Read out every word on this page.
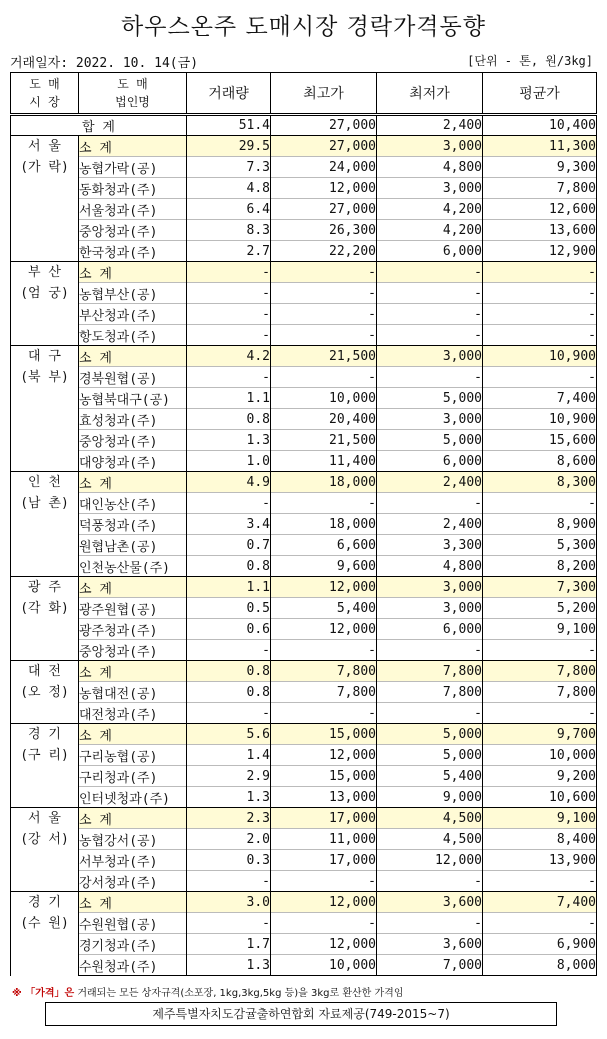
하우스온주 도매시장 경락가격동향
거래일자: 2022. 10. 14(금)	[단위 - 톤, 원/3kg]
도 매
시 장	도 매
법인명	거래량	최고가	최저가	평균가
합 계		51.4	27,000	2,400	10,400

서 울
(가 락)	소 계	29.5	27,000	3,000	11,300
	농협가락(공)	7.3	24,000	4,800	9,300
	동화청과(주)	4.8	12,000	3,000	7,800
	서울청과(주)	6.4	27,000	4,200	12,600
	중앙청과(주)	8.3	26,300	4,200	13,600
	한국청과(주)	2.7	22,200	6,000	12,900

부 산
(엄 궁)	소 계	-	-	-	-
	농협부산(공)	-	-	-	-
	부산청과(주)	-	-	-	-
	항도청과(주)	-	-	-	-

대 구
(북 부)	소 계	4.2	21,500	3,000	10,900
	경북원협(공)	-	-	-	-
	농협북대구(공)	1.1	10,000	5,000	7,400
	효성청과(주)	0.8	20,400	3,000	10,900
	중앙청과(주)	1.3	21,500	5,000	15,600
	대양청과(주)	1.0	11,400	6,000	8,600

인 천
(남 촌)	소 계	4.9	18,000	2,400	8,300
	대인농산(주)	-	-	-	-
	덕풍청과(주)	3.4	18,000	2,400	8,900
	원협남촌(공)	0.7	6,600	3,300	5,300
	인천농산물(주)	0.8	9,600	4,800	8,200

광 주
(각 화)	소 계	1.1	12,000	3,000	7,300
	광주원협(공)	0.5	5,400	3,000	5,200
	광주청과(주)	0.6	12,000	6,000	9,100
	중앙청과(주)	-	-	-	-

대 전
(오 정)	소 계	0.8	7,800	7,800	7,800
	농협대전(공)	0.8	7,800	7,800	7,800
	대전청과(주)	-	-	-	-

경 기
(구 리)	소 계	5.6	15,000	5,000	9,700
	구리농협(공)	1.4	12,000	5,000	10,000
	구리청과(주)	2.9	15,000	5,400	9,200
	인터넷청과(주)	1.3	13,000	9,000	10,600

서 울
(강 서)	소 계	2.3	17,000	4,500	9,100
	농협강서(공)	2.0	11,000	4,500	8,400
	서부청과(주)	0.3	17,000	12,000	13,900
	강서청과(주)	-	-	-	-

경 기
(수 원)	소 계	3.0	12,000	3,600	7,400
	수원원협(공)	-	-	-	-
	경기청과(주)	1.7	12,000	3,600	6,900
	수원청과(주)	1.3	10,000	7,000	8,000
※ 「가격」은 거래되는 모든 상자규격(소포장, 1kg,3kg,5kg 등)을 3kg로 환산한 가격임
제주특별자치도감귤출하연합회 자료제공(749-2015~7)
